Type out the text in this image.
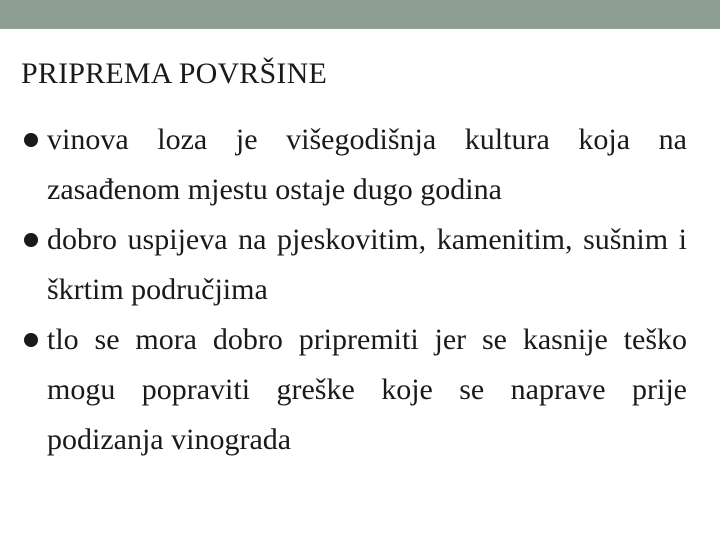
PRIPREMA POVRŠINE
vinova loza je višegodišnja kultura koja na zasađenom mjestu ostaje dugo godina
dobro uspijeva na pjeskovitim, kamenitim, sušnim i škrtim područjima
tlo se mora dobro pripremiti jer se kasnije teško mogu popraviti greške koje se naprave prije podizanja vinograda
